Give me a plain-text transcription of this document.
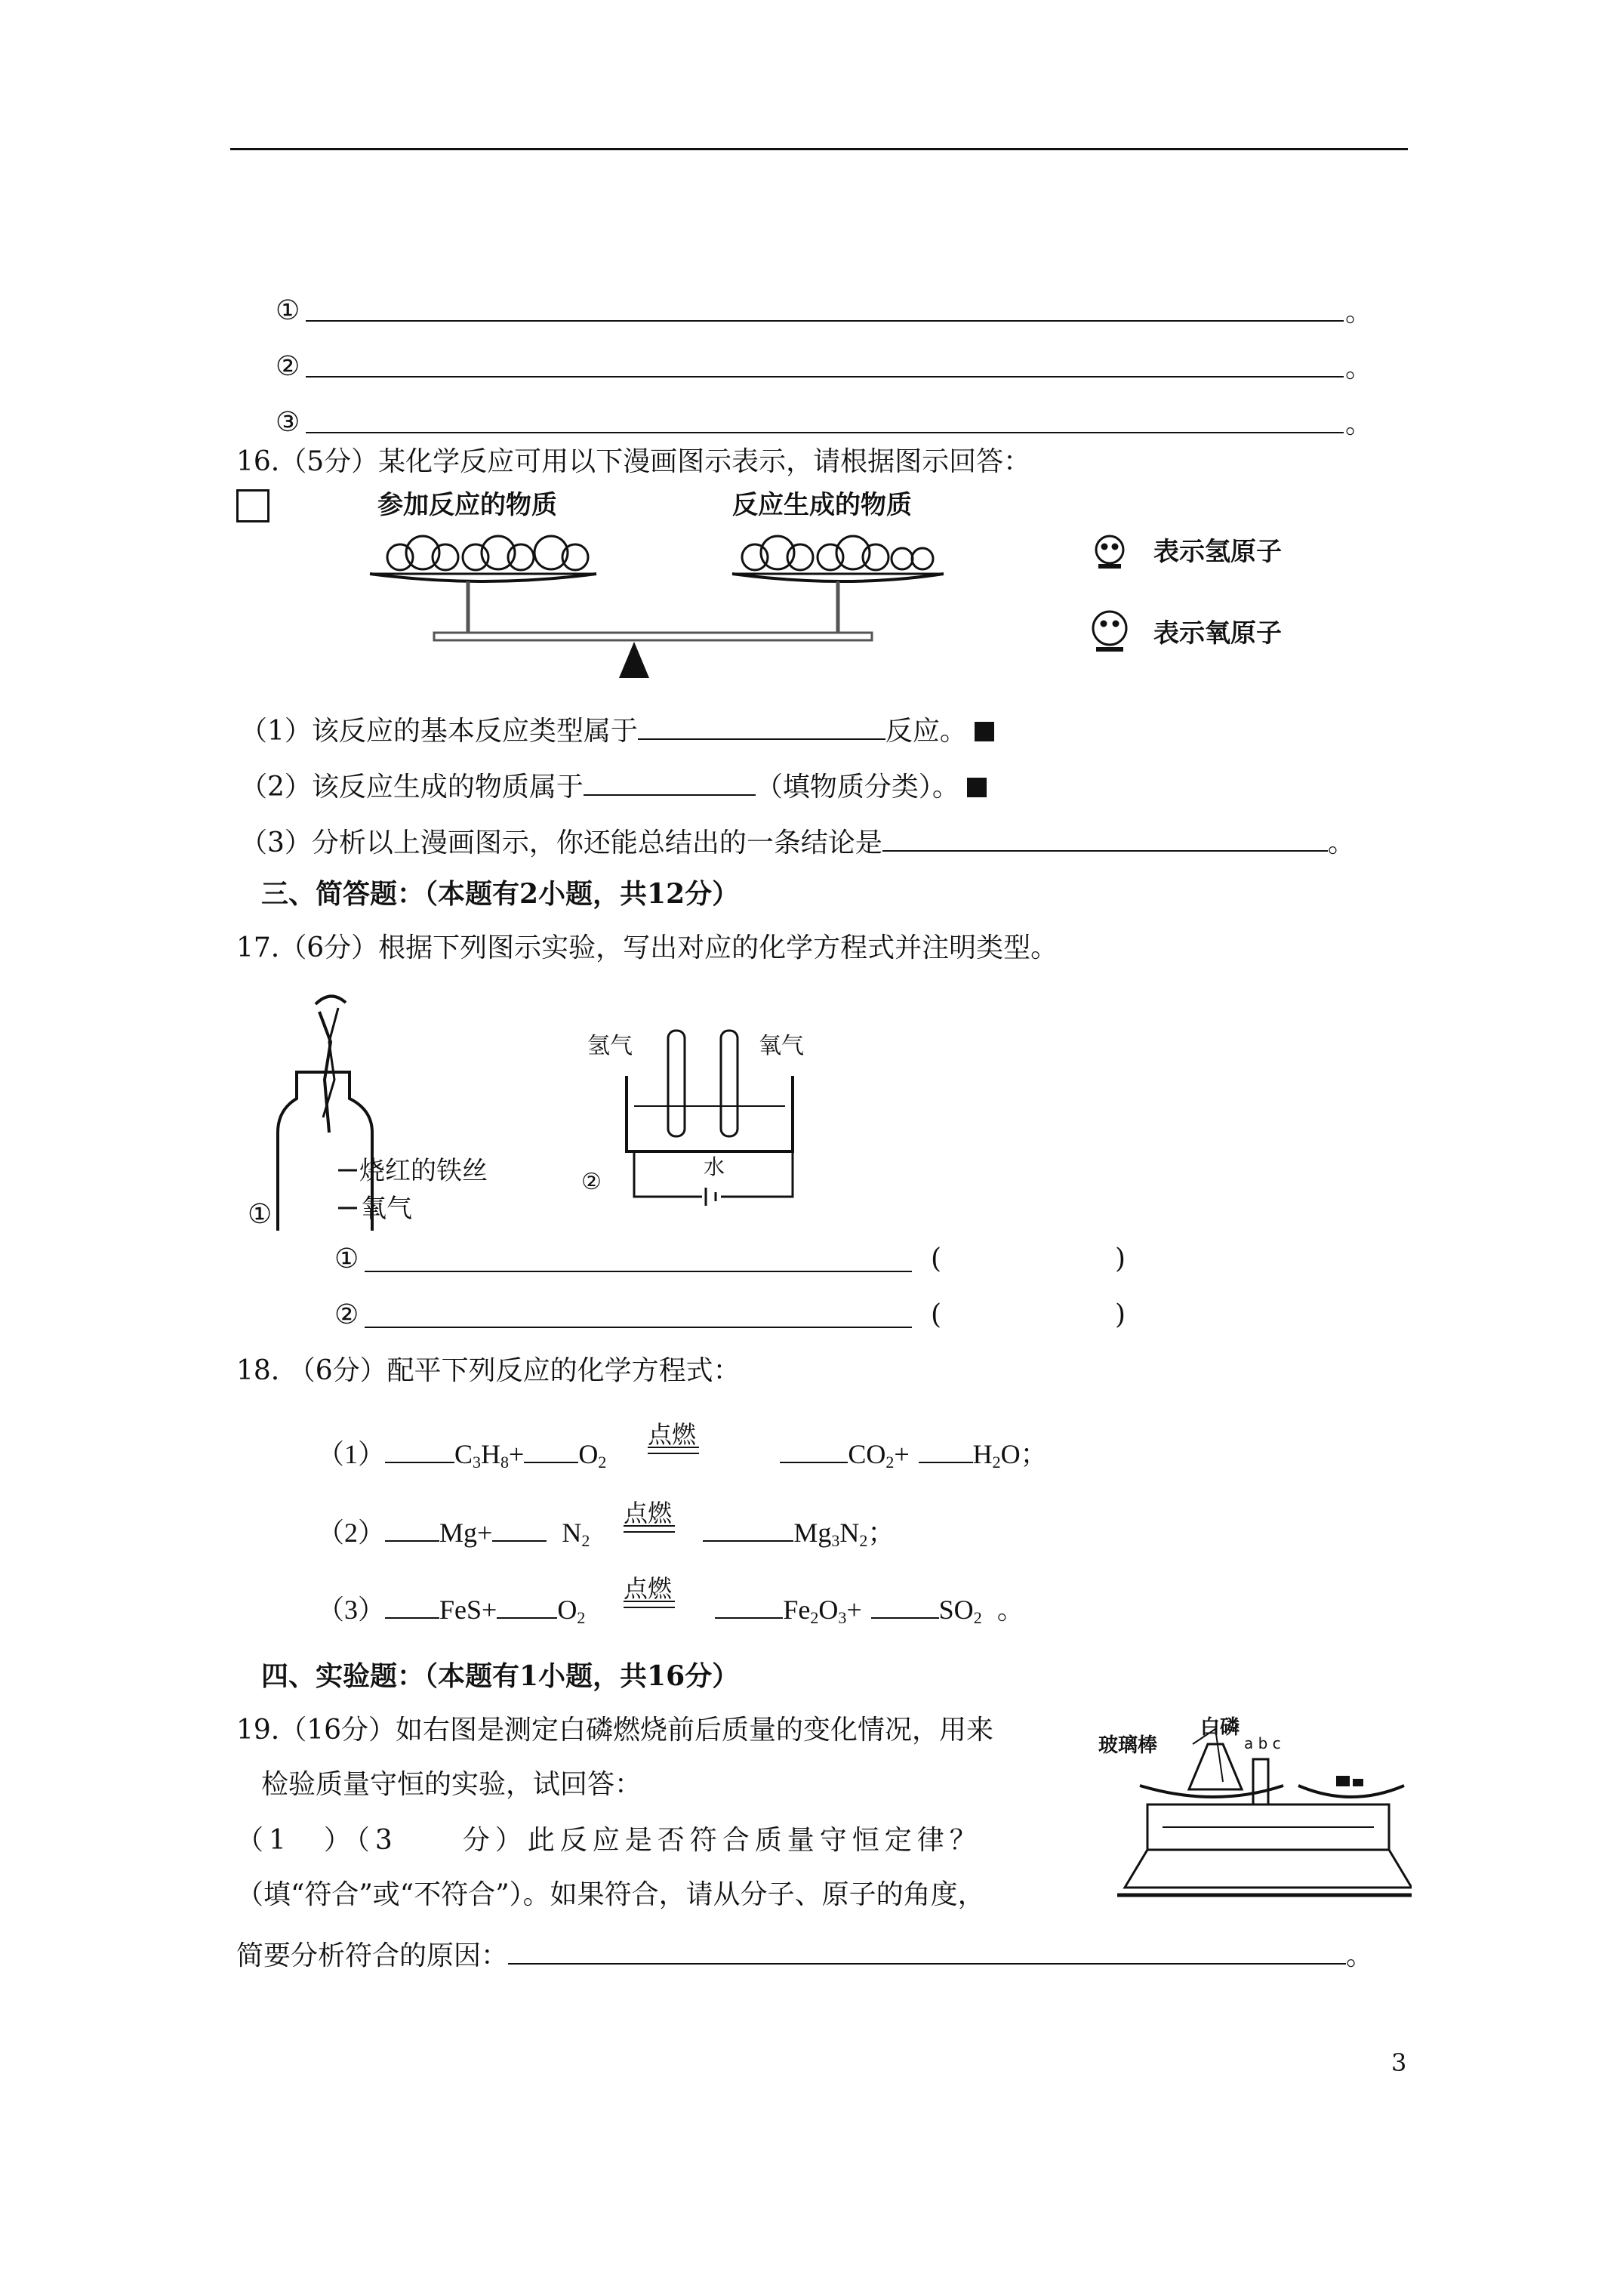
①	。
②	。
③	。
16.（5分）某化学反应可用以下漫画图示表示，请根据图示回答：
参加反应的物质	反应生成的物质
表示氢原子
表示氧原子
（1）该反应的基本反应类型属于	反应。
（2）该反应生成的物质属于	（填物质分类）。
（3）分析以上漫画图示，你还能总结出的一条结论是	。
三、简答题：（本题有2小题，共12分）
17.（6分）根据下列图示实验，写出对应的化学方程式并注明类型。
①
烧红的铁丝
氧气
氢气	氧气
水
②
①	(	)
②	(	)
18. （6分）配平下列反应的化学方程式：
（1）	$C_3H_8+ O_2$	$CO_2+ H_2O$；
点燃
（2） Mg+	$N_2$	$Mg_3N_2$；
点燃
（3） $FeS+ O_2$	$Fe_2O_3+$	$SO_2$ 。
点燃
四、实验题：（本题有1小题，共16分）
19.（16分）如右图是测定白磷燃烧前后质量的变化情况，用来
检验质量守恒的实验，试回答：
（1　）（3　　分）此反应是否符合质量守恒定律？
（填“符合”或“不符合”）。如果符合，请从分子、原子的角度，
简要分析符合的原因：	。
玻璃棒
白磷
a b c
3
